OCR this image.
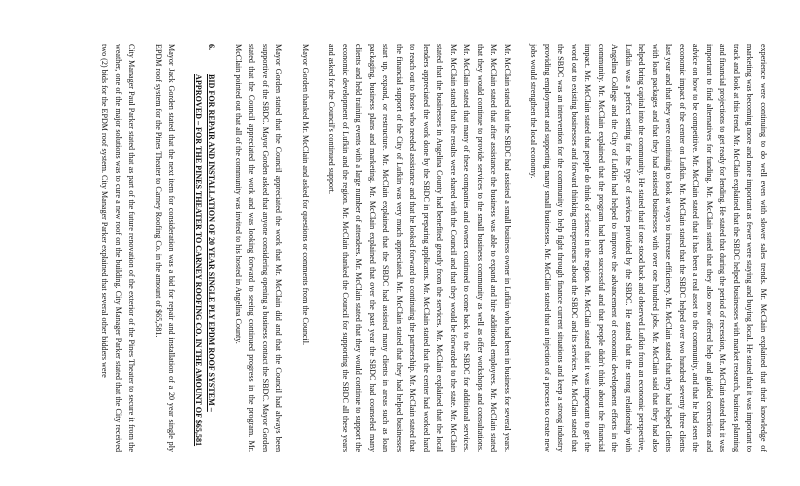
experience were continuing to do well even with slower sales trends. Mr. McClain explained that their knowledge of marketing was becoming more and more important as fewer were staying and buying local. He stated that it was important to track and look at this trend. Mr. McClain explained that the SBDC helped businesses with market research, business planning and financial projections to get ready for lending. He stated that during the period of recession, Mr. McClain stated that it was important to find alternatives for funding. Mr. McClain stated that they also now offered help and guided corrections and advice on how to be competitive. Mr. McClain stated that it has been a real asset to the community, and that he had seen the economic impact of the center on Lufkin. Mr. McClain stated that the SBDC helped over two hundred seventy three clients last year and that they were continuing to look at ways to increase efficiency. Mr. McClain stated that they had helped clients with loan packages and that they had assisted businesses with over one hundred jobs. Mr. McClain said that they had also helped bring capital into the community. He stated that if one stood back and observed Lufkin from an economic perspective, Lufkin was a perfect setting for the type of services provided by the SBDC. He stated that the strong relationship with Angelina College and the City of Lufkin had helped to improve the advancement of economic development efforts in the community. Mr. McClain explained that the program had been successful and that people didn't think about the financial impact. Mr. McClain stated that people do think of science in the region. Mr. McClain stated that it was important to get the word out to existing businesses and forward thinking entrepreneurs about the SBDC and its services. Mr. McClain stated that the SBDC was an intervention for the community to help fight through finance current situations and keep a strong industry providing employment and supporting many small businesses. Mr. McClain stated that an injection of a process to create new jobs would strengthen the local economy.

Mr. McClain stated that the SBDC had assisted a small business owner in Lufkin who had been in business for several years. Mr. McClain stated that after assistance the business was able to expand and hire additional employees. Mr. McClain stated that they would continue to provide services to the small business community as well as offer workshops and consultations. Mr. McClain stated that many of these companies and owners continued to come back to the SBDC for additional services. Mr. McClain stated that the results were shared with the Council and that they would be forwarded to the state. Mr. McClain stated that the businesses in Angelina County had benefited greatly from the services. Mr. McClain explained that the local lenders appreciated the work done by the SBDC in preparing applicants. Mr. McClain stated that the center had worked hard to reach out to those who needed assistance and that he looked forward to continuing the partnership. Mr. McClain stated that the financial support of the City of Lufkin was very much appreciated. Mr. McClain stated that they had helped businesses start up, expand, or restructure. Mr. McClain explained that the SBDC had assisted many clients in areas such as loan packaging, business plans and marketing. Mr. McClain explained that over the past year the SBDC had counseled many clients and held training events with a large number of attendees. Mr. McClain stated that they would continue to support the economic development of Lufkin and the region. Mr. McClain thanked the Council for supporting the SBDC all these years and asked for the Council's continued support.

Mayor Gorden thanked Mr. McClain and asked for questions or comments from the Council.

Mayor Gorden stated that the Council appreciated the work that Mr. McClain did and that the Council had always been supportive of the SBDC. Mayor Gorden asked that anyone considering opening a business contact the SBDC. Mayor Gorden stated that the Council appreciated the work and was looking forward to seeing continued progress in the program. Mr. McClain pointed out that all of the community was invited to his hosted in Angelina County.

6.

BID FOR REPAIR AND INSTALLATION OF 20 YEAR SINGLE PLY EPDM ROOF SYSTEM – APPROVED – FOR THE PINES THEATER TO CARNEY ROOFING CO. IN THE AMOUNT OF $65,581

Mayor Jack Gorden stated that the next item for consideration was a bid for repair and installation of a 20 year single ply EPDM roof system for the Pines Theater to Carney Roofing Co. in the amount of $65,581.

City Manager Paul Parker stated that as part of the future renovation of the exterior of the Pines Theater to secure it from the weather, one of the major solutions was to cure a new roof on the building. City Manager Parker stated that the City received two (2) bids for the EPDM roof system. City Manager Parker explained that several other bidders were
